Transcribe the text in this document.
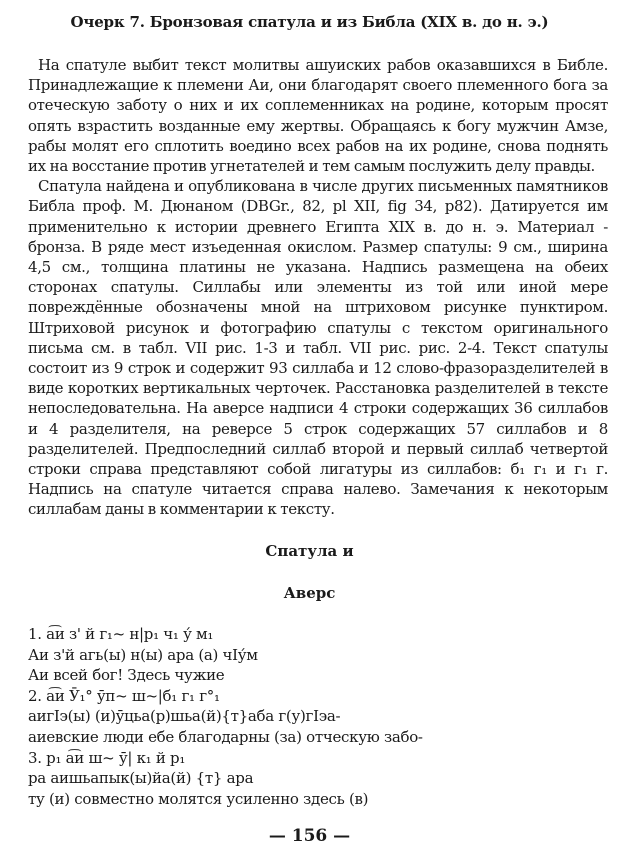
Очерк 7. Бронзовая спатула и из Библа (XIX в. до н. э.)

На спатуле выбит текст молитвы ашуиских рабов оказавшихся в Библе. Принадлежащие к племени Аи, они благодарят своего племенного бога за отеческую заботу о них и их соплеменниках на родине, которым просят опять взрастить возданные ему жертвы. Обращаясь к богу мужчин Амзе, рабы молят его сплотить воедино всех рабов на их родине, снова поднять их на восстание против угнетателей и тем самым послужить делу правды.

Спатула найдена и опубликована в числе других письменных памятников Библа проф. М. Дюнаном (DBGr., 82, pl XII, fig 34, p82). Датируется им применительно к истории древнего Египта XIX в. до н. э. Материал - бронза. В ряде мест изъеденная окислом. Размер спатулы: 9 см., ширина 4,5 см., толщина платины не указана. Надпись размещена на обеих сторонах спатулы. Силлабы или элементы из той или иной мере повреждённые обозначены мной на штриховом рисунке пунктиром. Штриховой рисунок и фотографию спатулы с текстом оригинального письма см. в табл. VII рис. 1-3 и табл. VII рис. рис. 2-4. Текст спатулы состоит из 9 строк и содержит 93 силлаба и 12 слово-фразоразделителей в виде коротких вертикальных черточек. Расстановка разделителей в тексте непоследовательна. На аверсе надписи 4 строки содержащих 36 силлабов и 4 разделителя, на реверсе 5 строк содержащих 57 силлабов и 8 разделителей. Предпоследний силлаб второй и первый силлаб четвертой строки справа представляют собой лигатуры из силлабов: б₁ г₁ и г₁ г. Надпись на спатуле читается справа налево. Замечания к некоторым силлабам даны в комментарии к тексту.

Спатула и
Аверс
1. а͡и з' й г₁~ н|р₁ ч₁ у́ м₁
Аи з'й агь(ы) н(ы) ара (а) чІу́м
Аи всей бог! Здесь чужие
2. а͡и Ӯ₁° ӯп~ ш~|б₁ г₁ г°₁
аигІэ(ы) (и)ӯцьа(р)шьа(й){т}аба г(у)гІэа-
аиевские люди ебе благодарны (за) отческую забо-
3. р₁ а͡и ш~ ӯ| к₁ й р₁
ра аишьапык(ы)йа(й) {т} ара
ту (и) совместно молятся усиленно здесь (в)
— 156 —
